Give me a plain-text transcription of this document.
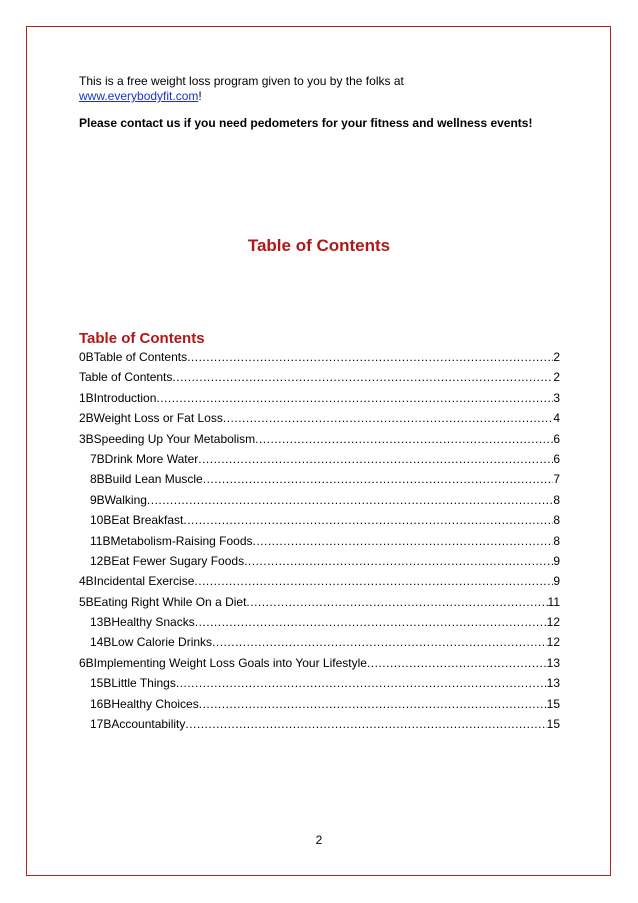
This is a free weight loss program given to you by the folks at
www.everybodyfit.com!
Please contact us if you need pedometers for your fitness and wellness events!
Table of Contents
Table of Contents
0BTable of Contents .....	2
Table of Contents .....	2
1BIntroduction .....	3
2BWeight Loss or Fat Loss .....	4
3BSpeeding Up Your Metabolism .....	6
7BDrink More Water .....	6
8BBuild Lean Muscle .....	7
9BWalking .....	8
10BEat Breakfast .....	8
11BMetabolism-Raising Foods .....	8
12BEat Fewer Sugary Foods .....	9
4BIncidental Exercise .....	9
5BEating Right While On a Diet .....	11
13BHealthy Snacks .....	12
14BLow Calorie Drinks .....	12
6BImplementing Weight Loss Goals into Your Lifestyle .....	13
15BLittle Things .....	13
16BHealthy Choices .....	15
17BAccountability .....	15
2
